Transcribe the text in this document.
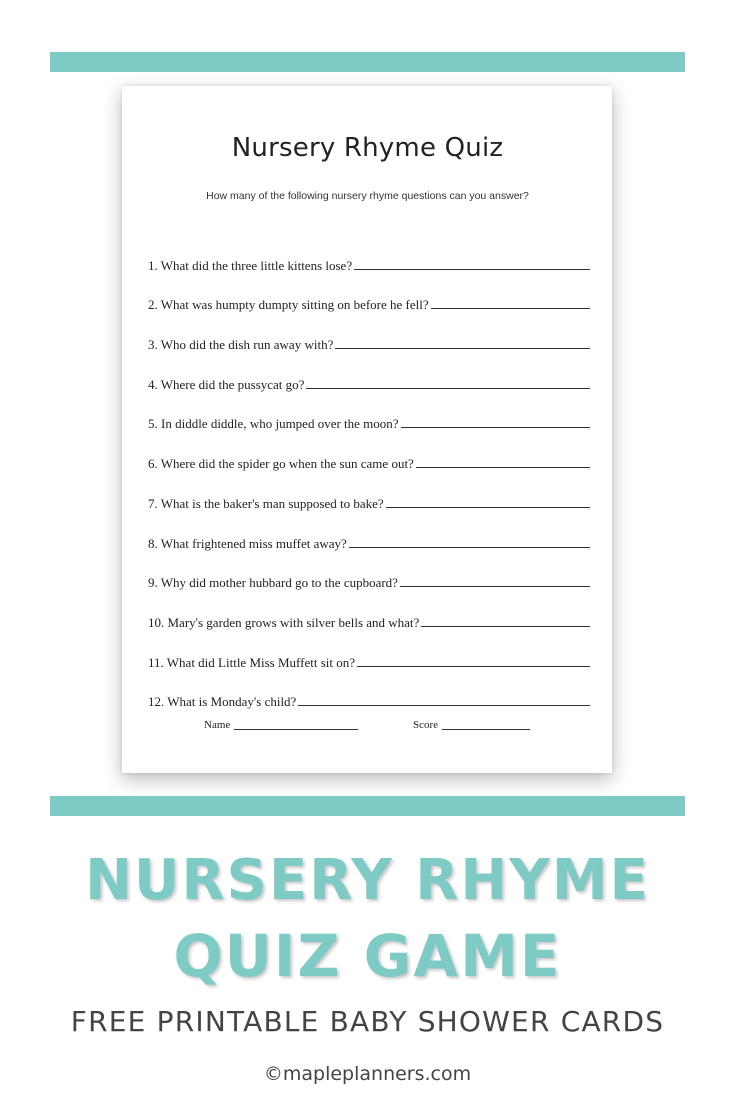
Nursery Rhyme Quiz
How many of the following nursery rhyme questions can you answer?
1. What did the three little kittens lose?
2. What was humpty dumpty sitting on before he fell?
3. Who did the dish run away with?
4. Where did the pussycat go?
5. In diddle diddle, who jumped over the moon?
6. Where did the spider go when the sun came out?
7. What is the baker's man supposed to bake?
8. What frightened miss muffet away?
9. Why did mother hubbard go to the cupboard?
10. Mary's garden grows with silver bells and what?
11. What did Little Miss Muffett sit on?
12. What is Monday's child?
Name	Score
NURSERY RHYME
QUIZ GAME
FREE PRINTABLE BABY SHOWER CARDS
©mapleplanners.com
